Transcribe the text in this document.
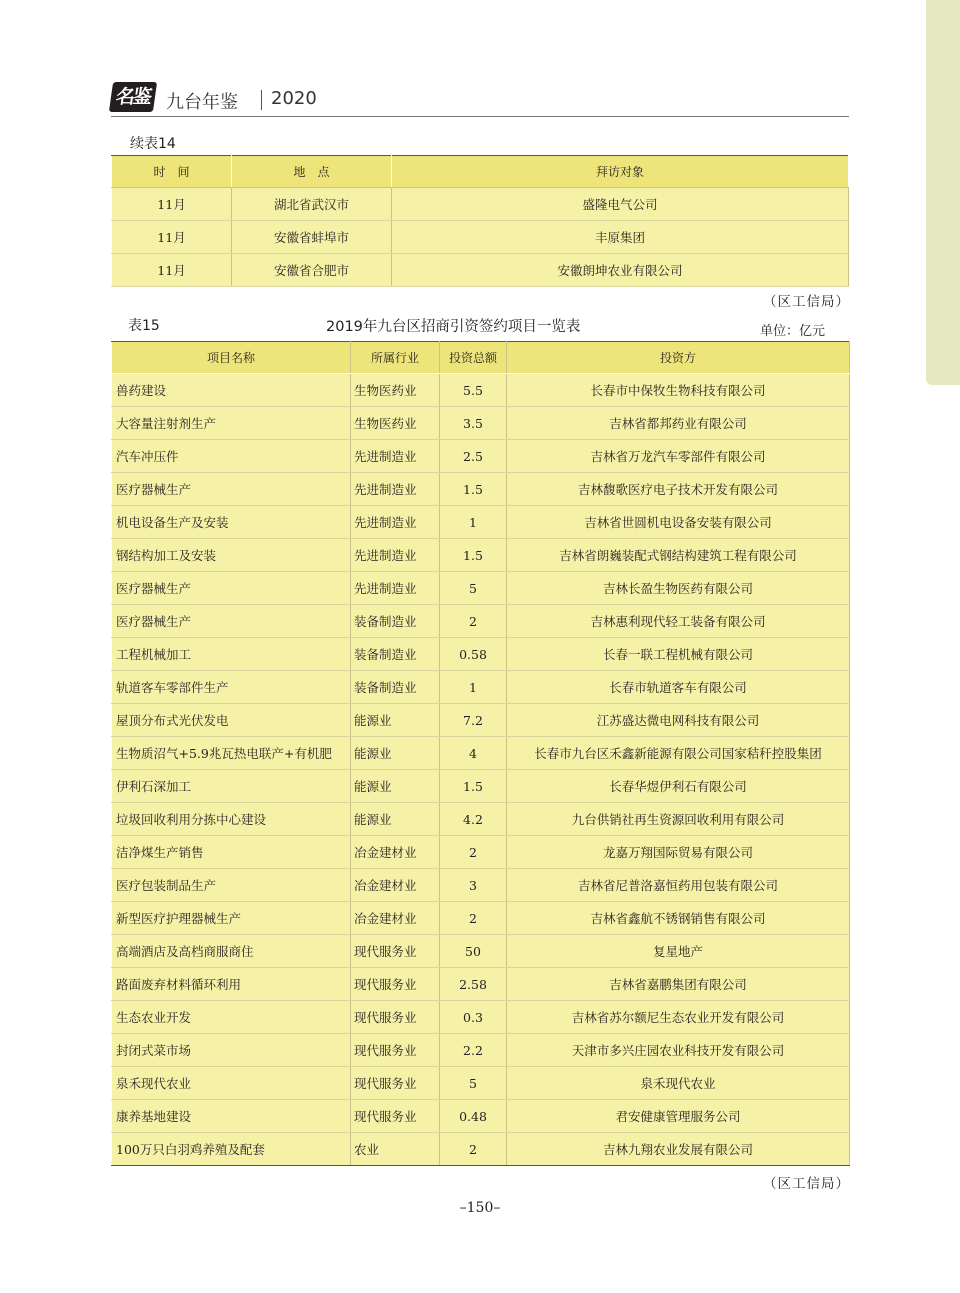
名鉴 九台年鉴 2020
续表14
时　间	地　点	拜访对象
11月	湖北省武汉市	盛隆电气公司
11月	安徽省蚌埠市	丰原集团
11月	安徽省合肥市	安徽朗坤农业有限公司
（区工信局）
表15	2019年九台区招商引资签约项目一览表	单位：亿元
项目名称	所属行业	投资总额	投资方
兽药建设	生物医药业	5.5	长春市中保牧生物科技有限公司
大容量注射剂生产	生物医药业	3.5	吉林省都邦药业有限公司
汽车冲压件	先进制造业	2.5	吉林省万龙汽车零部件有限公司
医疗器械生产	先进制造业	1.5	吉林馥歌医疗电子技术开发有限公司
机电设备生产及安装	先进制造业	1	吉林省世圆机电设备安装有限公司
钢结构加工及安装	先进制造业	1.5	吉林省朗巍装配式钢结构建筑工程有限公司
医疗器械生产	先进制造业	5	吉林长盈生物医药有限公司
医疗器械生产	装备制造业	2	吉林惠利现代轻工装备有限公司
工程机械加工	装备制造业	0.58	长春一联工程机械有限公司
轨道客车零部件生产	装备制造业	1	长春市轨道客车有限公司
屋顶分布式光伏发电	能源业	7.2	江苏盛达微电网科技有限公司
生物质沼气+5.9兆瓦热电联产+有机肥	能源业	4	长春市九台区禾鑫新能源有限公司国家秸秆控股集团
伊利石深加工	能源业	1.5	长春华煜伊利石有限公司
垃圾回收利用分拣中心建设	能源业	4.2	九台供销社再生资源回收利用有限公司
洁净煤生产销售	冶金建材业	2	龙嘉万翔国际贸易有限公司
医疗包装制品生产	冶金建材业	3	吉林省尼普洛嘉恒药用包装有限公司
新型医疗护理器械生产	冶金建材业	2	吉林省鑫航不锈钢销售有限公司
高端酒店及高档商服商住	现代服务业	50	复星地产
路面废弃材料循环利用	现代服务业	2.58	吉林省嘉鹏集团有限公司
生态农业开发	现代服务业	0.3	吉林省苏尔额尼生态农业开发有限公司
封闭式菜市场	现代服务业	2.2	天津市多兴庄园农业科技开发有限公司
泉禾现代农业	现代服务业	5	泉禾现代农业
康养基地建设	现代服务业	0.48	君安健康管理服务公司
100万只白羽鸡养殖及配套	农业	2	吉林九翔农业发展有限公司
（区工信局）
–150–
